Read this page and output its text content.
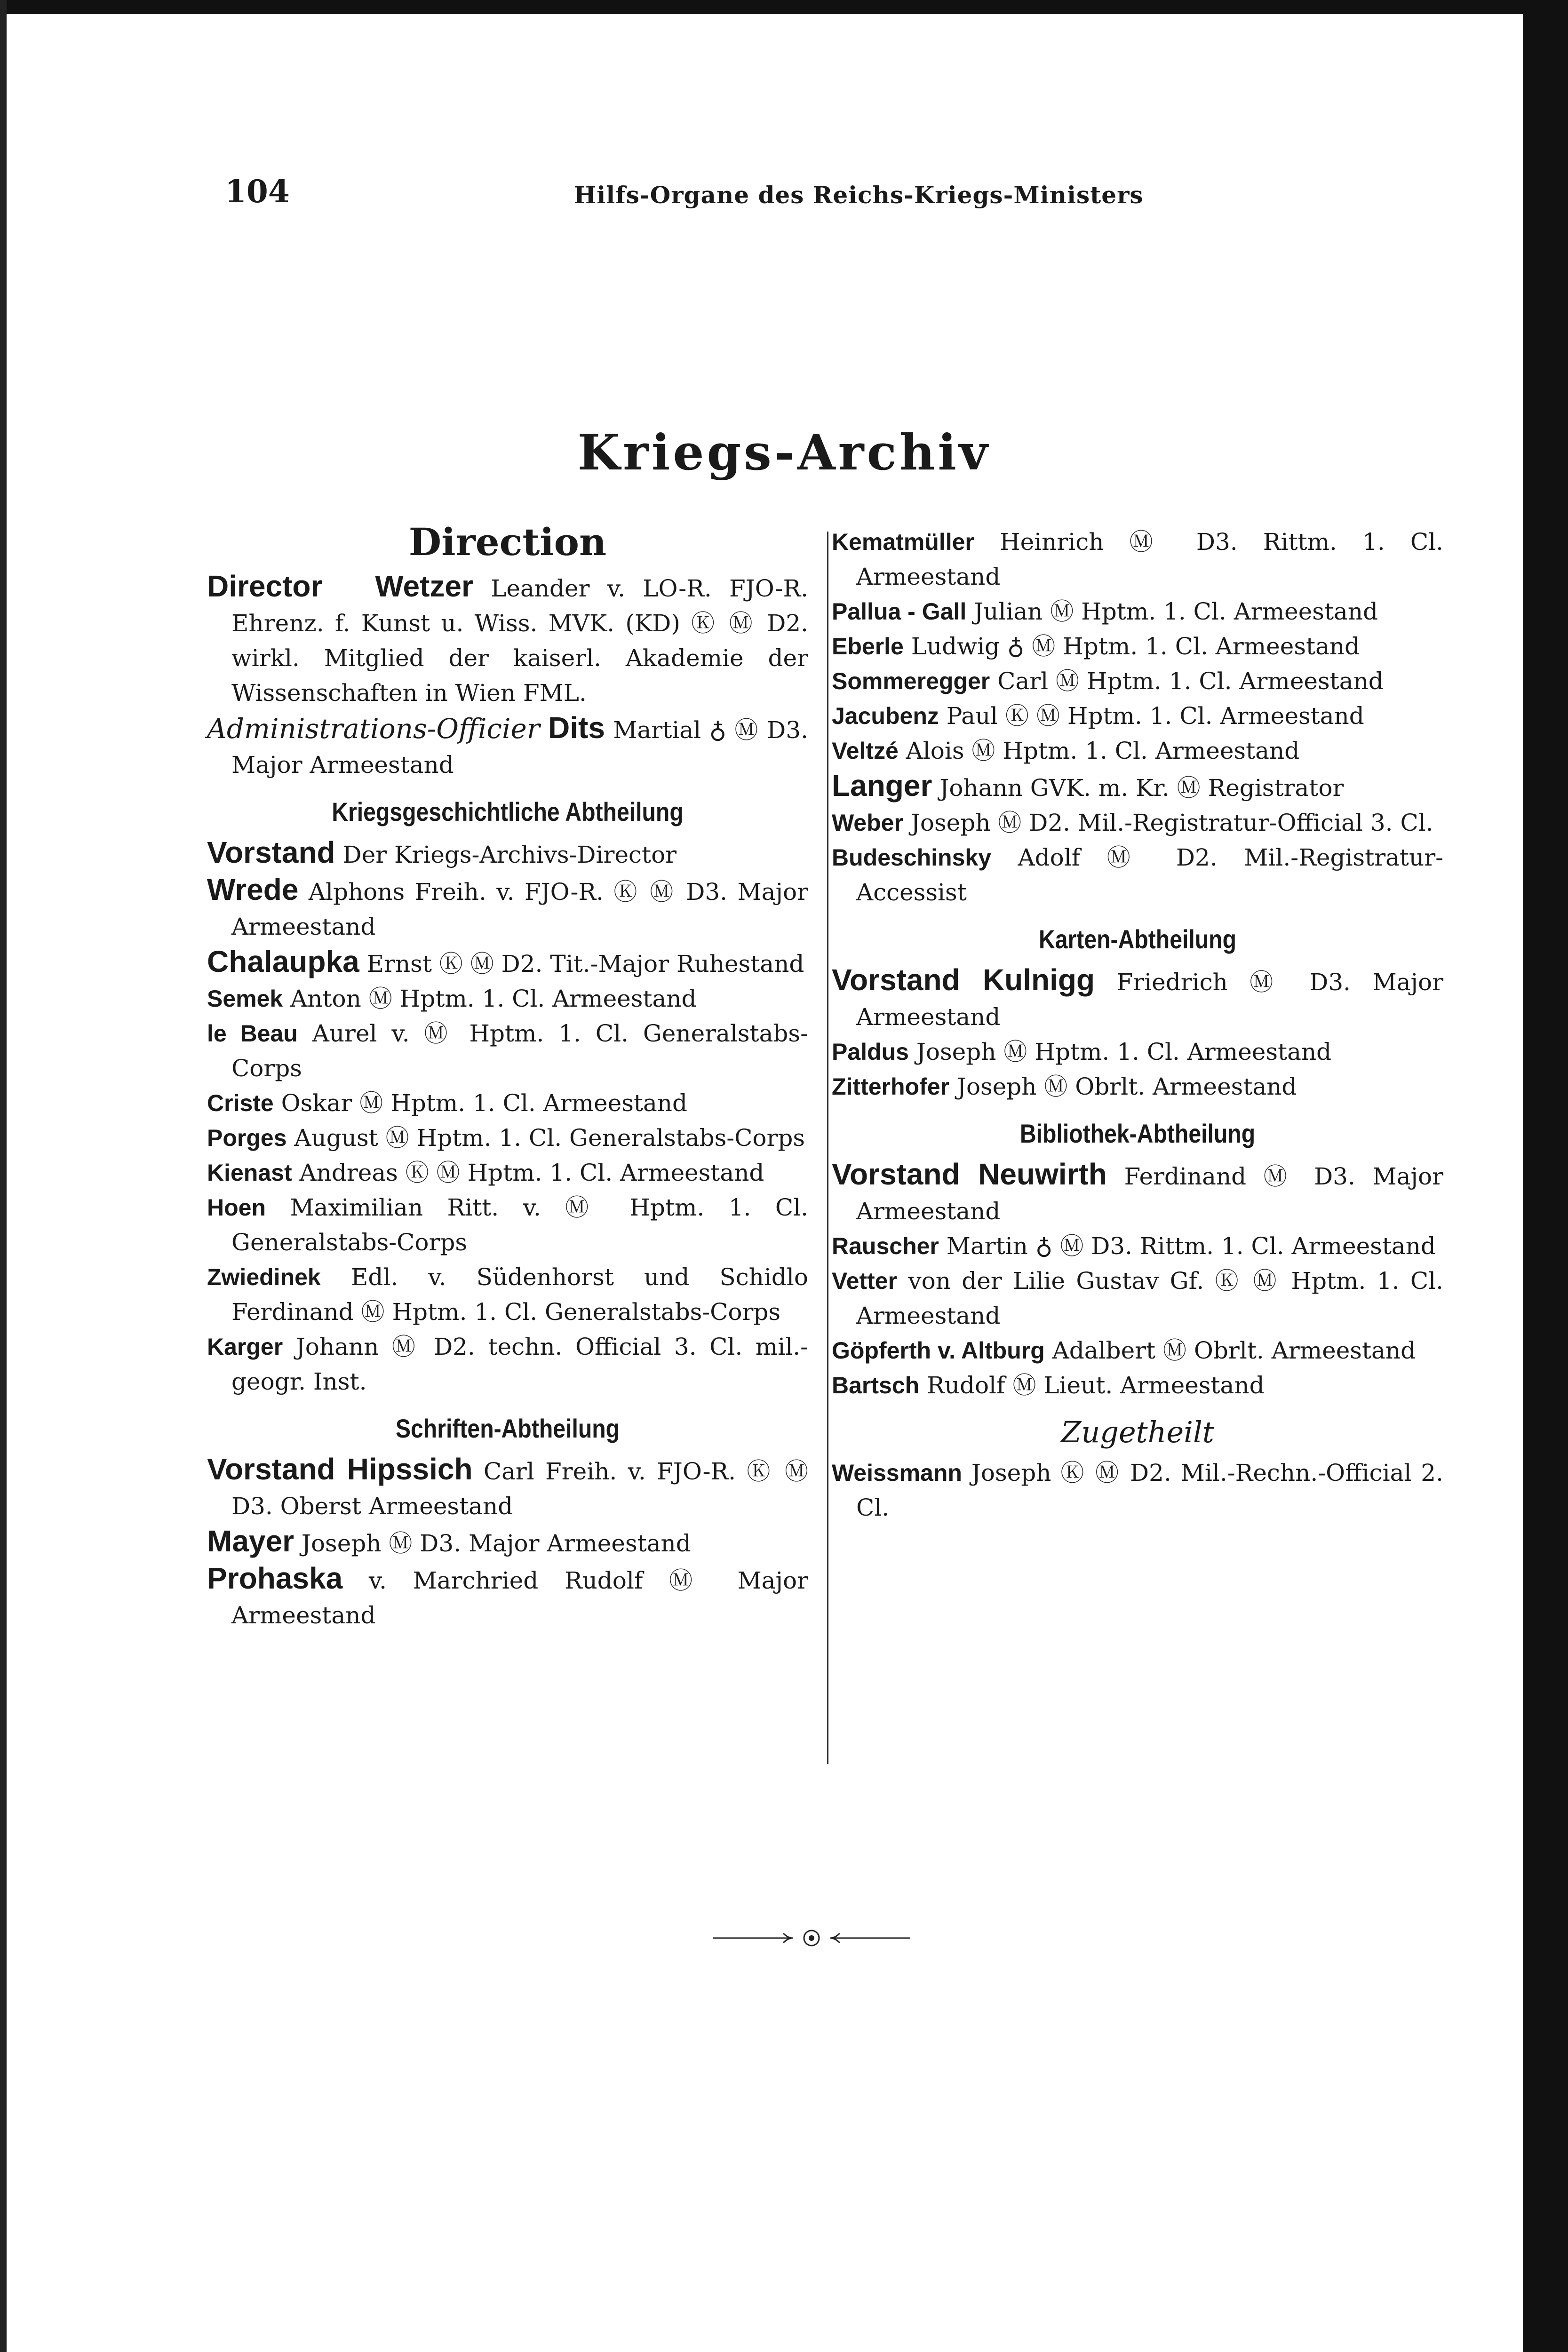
104	Hilfs-Organe des Reichs-Kriegs-Ministers
Kriegs-Archiv
Direction

Director Wetzer Leander v. LO-R. FJO-R. Ehrenz. f. Kunst u. Wiss. MVK. (KD) Ⓚ Ⓜ D2. wirkl. Mitglied der kaiserl. Akademie der Wissenschaften in Wien FML.

Administrations-Officier Dits Martial ♁ Ⓜ D3. Major Armeestand

Kriegsgeschichtliche Abtheilung

Vorstand Der Kriegs-Archivs-Director

Wrede Alphons Freih. v. FJO-R. Ⓚ Ⓜ D3. Major Armeestand

Chalaupka Ernst Ⓚ Ⓜ D2. Tit.-Major Ruhestand

Semek Anton Ⓜ Hptm. 1. Cl. Armeestand

le Beau Aurel v. Ⓜ Hptm. 1. Cl. Generalstabs-Corps

Criste Oskar Ⓜ Hptm. 1. Cl. Armeestand

Porges August Ⓜ Hptm. 1. Cl. Generalstabs-Corps

Kienast Andreas Ⓚ Ⓜ Hptm. 1. Cl. Armeestand

Hoen Maximilian Ritt. v. Ⓜ Hptm. 1. Cl. Generalstabs-Corps

Zwiedinek Edl. v. Südenhorst und Schidlo Ferdinand Ⓜ Hptm. 1. Cl. Generalstabs-Corps

Karger Johann Ⓜ D2. techn. Official 3. Cl. mil.-geogr. Inst.

Schriften-Abtheilung

Vorstand Hipssich Carl Freih. v. FJO-R. Ⓚ Ⓜ D3. Oberst Armeestand

Mayer Joseph Ⓜ D3. Major Armeestand

Prohaska v. Marchried Rudolf Ⓜ Major Armeestand

Kematmüller Heinrich Ⓜ D3. Rittm. 1. Cl. Armeestand

Pallua - Gall Julian Ⓜ Hptm. 1. Cl. Armeestand

Eberle Ludwig ♁ Ⓜ Hptm. 1. Cl. Armeestand

Sommeregger Carl Ⓜ Hptm. 1. Cl. Armeestand

Jacubenz Paul Ⓚ Ⓜ Hptm. 1. Cl. Armeestand

Veltzé Alois Ⓜ Hptm. 1. Cl. Armeestand

Langer Johann GVK. m. Kr. Ⓜ Registrator

Weber Joseph Ⓜ D2. Mil.-Registratur-Official 3. Cl.

Budeschinsky Adolf Ⓜ D2. Mil.-Registratur-Accessist

Karten-Abtheilung

Vorstand Kulnigg Friedrich Ⓜ D3. Major Armeestand

Paldus Joseph Ⓜ Hptm. 1. Cl. Armeestand

Zitterhofer Joseph Ⓜ Obrlt. Armeestand

Bibliothek-Abtheilung

Vorstand Neuwirth Ferdinand Ⓜ D3. Major Armeestand

Rauscher Martin ♁ Ⓜ D3. Rittm. 1. Cl. Armeestand

Vetter von der Lilie Gustav Gf. Ⓚ Ⓜ Hptm. 1. Cl. Armeestand

Göpferth v. Altburg Adalbert Ⓜ Obrlt. Armeestand

Bartsch Rudolf Ⓜ Lieut. Armeestand

Zugetheilt

Weissmann Joseph Ⓚ Ⓜ D2. Mil.-Rechn.-Official 2. Cl.
